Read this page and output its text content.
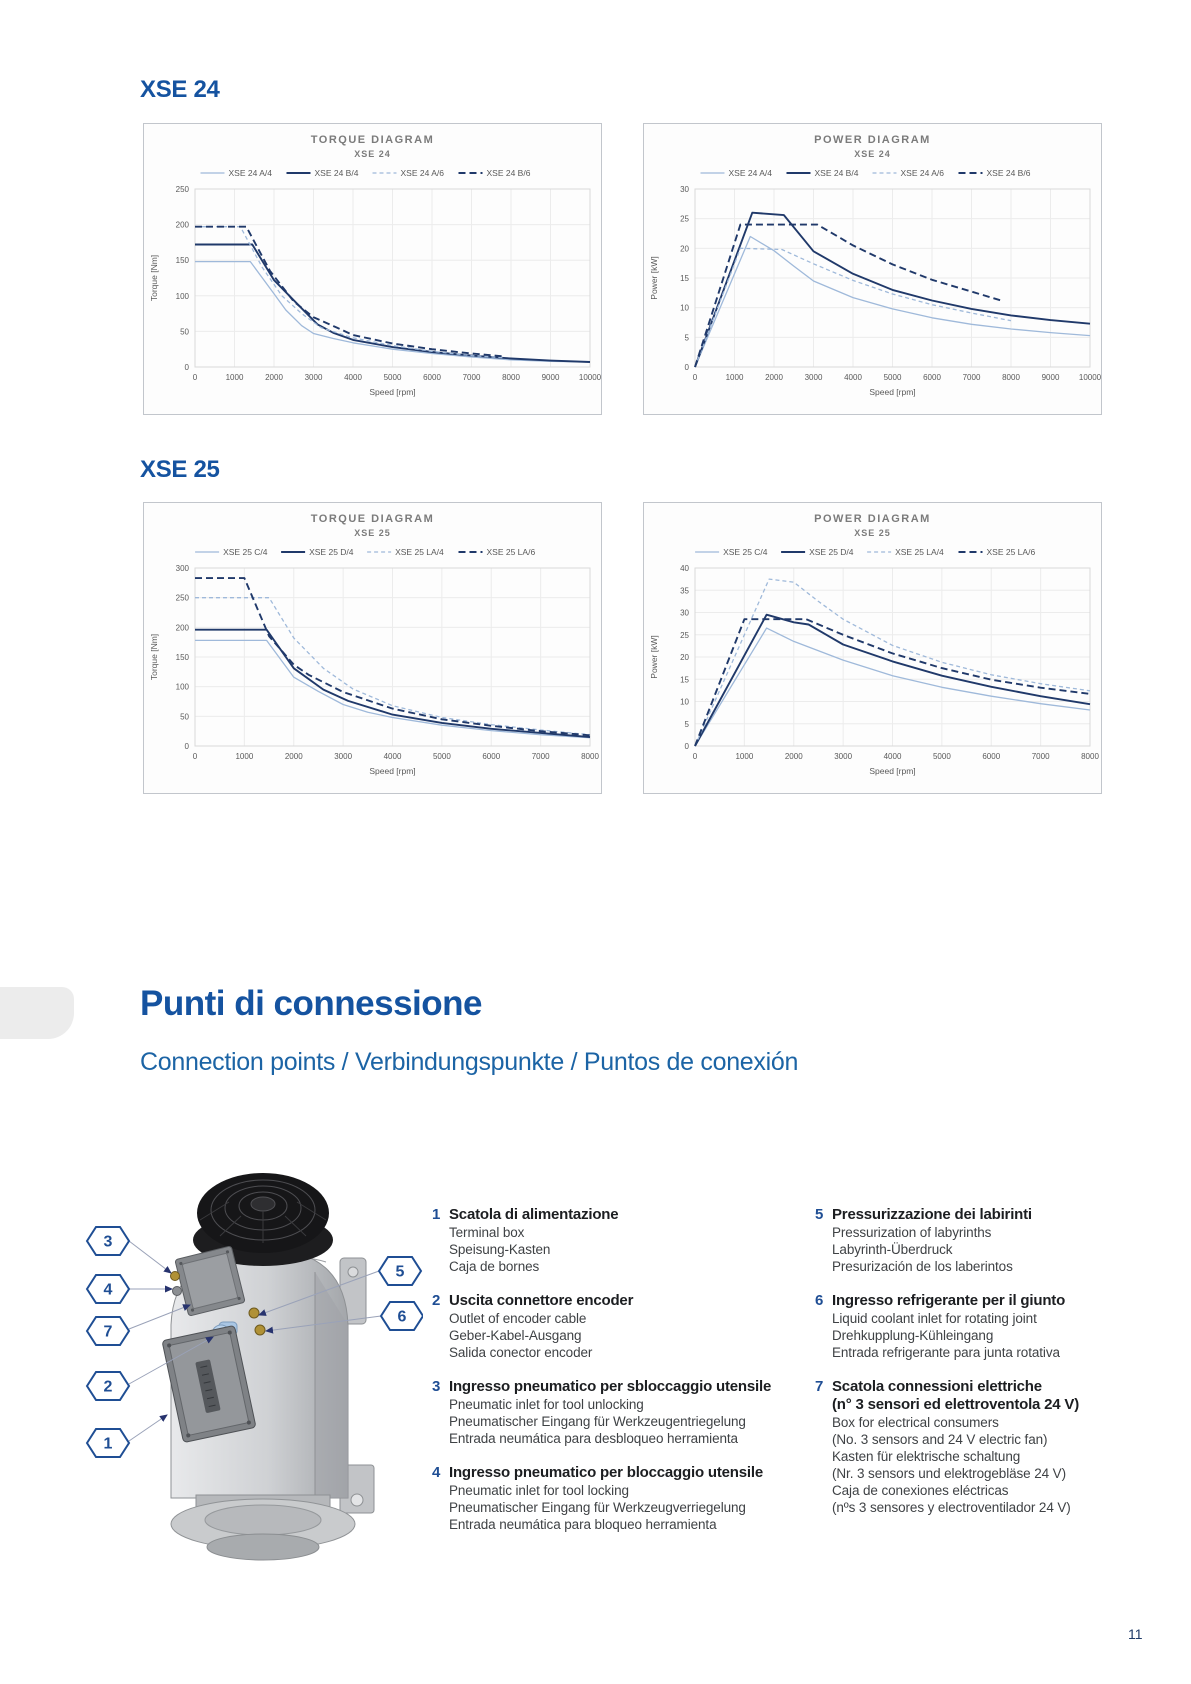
XSE 24
TORQUE DIAGRAM
XSE 24
XSE 24 A/4	XSE 24 B/4	XSE 24 A/6	XSE 24 B/6
0	1000	2000	3000	4000	5000	6000	7000	8000	9000 10000
0
50
100
150
200
250
Speed [rpm]
Torque [Nm]
POWER DIAGRAM
XSE 24
XSE 24 A/4	XSE 24 B/4	XSE 24 A/6	XSE 24 B/6
0	1000	2000	3000	4000	5000	6000	7000	8000	9000 10000
0
5
10
15
20
25
30
Speed [rpm]
Power [kW]
XSE 25
TORQUE DIAGRAM
XSE 25
XSE 25 C/4	XSE 25 D/4	XSE 25 LA/4	XSE 25 LA/6
0	1000	2000	3000	4000	5000	6000	7000	8000
0
50
100
150
200
250
300
Speed [rpm]
Torque [Nm]
POWER DIAGRAM
XSE 25
XSE 25 C/4	XSE 25 D/4	XSE 25 LA/4	XSE 25 LA/6
0	1000	2000	3000	4000	5000	6000	7000	8000
0
5
10
15
20
25
30
35
40
Speed [rpm]
Power [kW]
Punti di connessione
Connection points / Verbindungspunkte / Puntos de conexión
3
4
7
2
1
5
6
1 Scatola di alimentazione
Terminal box
Speisung-Kasten
Caja de bornes
2 Uscita connettore encoder
Outlet of encoder cable
Geber-Kabel-Ausgang
Salida conector encoder
3 Ingresso pneumatico per sbloccaggio utensile
Pneumatic inlet for tool unlocking
Pneumatischer Eingang für Werkzeugentriegelung
Entrada neumática para desbloqueo herramienta
4 Ingresso pneumatico per bloccaggio utensile
Pneumatic inlet for tool locking
Pneumatischer Eingang für Werkzeugverriegelung
Entrada neumática para bloqueo herramienta
5 Pressurizzazione dei labirinti
Pressurization of labyrinths
Labyrinth-Überdruck
Presurización de los laberintos
6 Ingresso refrigerante per il giunto
Liquid coolant inlet for rotating joint
Drehkupplung-Kühleingang
Entrada refrigerante para junta rotativa
7 Scatola connessioni elettriche
(n° 3 sensori ed elettroventola 24 V)
Box for electrical consumers
(No. 3 sensors and 24 V electric fan)
Kasten für elektrische schaltung
(Nr. 3 sensors und elektrogebläse 24 V)
Caja de conexiones eléctricas
(nºs 3 sensores y electroventilador 24 V)
11
